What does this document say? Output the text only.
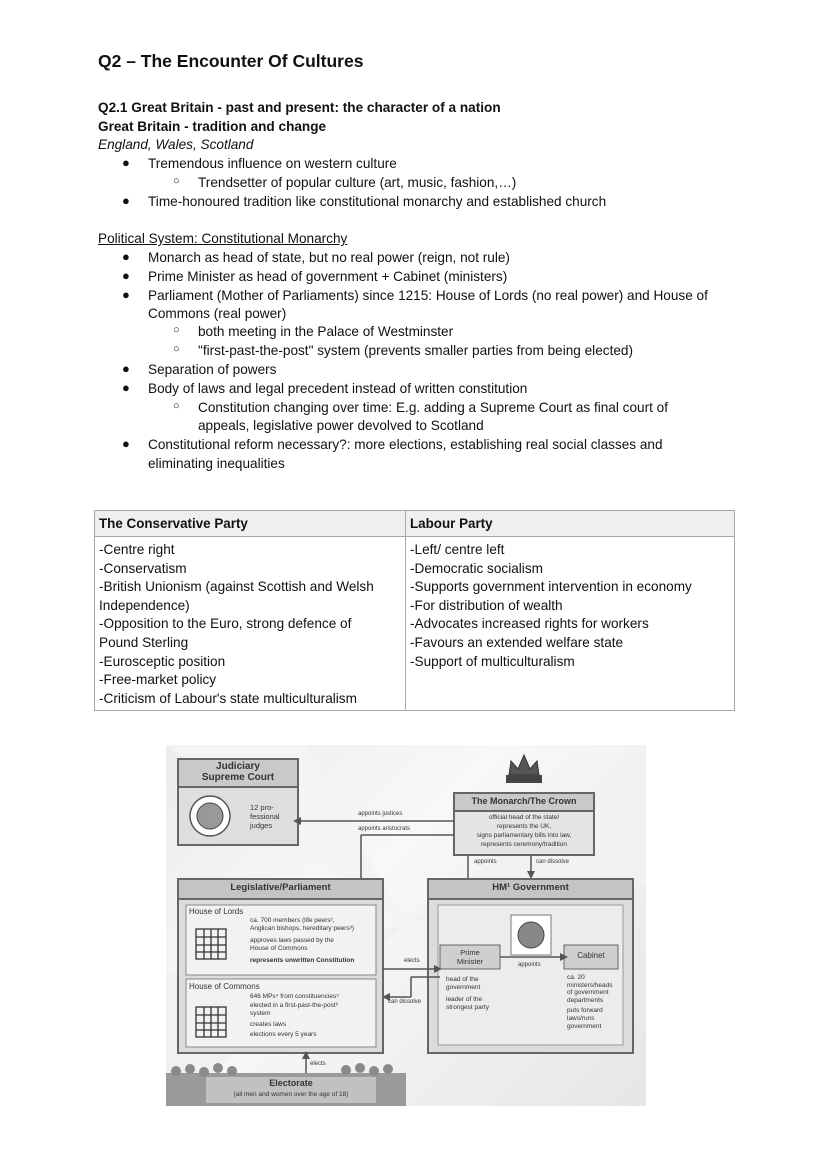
Q2 – The Encounter Of Cultures
Q2.1 Great Britain - past and present: the character of a nation
Great Britain - tradition and change
England, Wales, Scotland
● Tremendous influence on western culture
○ Trendsetter of popular culture (art, music, fashion,…)
● Time-honoured tradition like constitutional monarchy and established church
Political System: Constitutional Monarchy
● Monarch as head of state, but no real power (reign, not rule)
● Prime Minister as head of government + Cabinet (ministers)
● Parliament (Mother of Parliaments) since 1215: House of Lords (no real power) and House of
Commons (real power)
○ both meeting in the Palace of Westminster
○ "first-past-the-post" system (prevents smaller parties from being elected)
● Separation of powers
● Body of laws and legal precedent instead of written constitution
○ Constitution changing over time: E.g. adding a Supreme Court as final court of
appeals, legislative power devolved to Scotland
● Constitutional reform necessary?: more elections, establishing real social classes and
eliminating inequalities
The Conservative Party	Labour Party
-Centre right
-Conservatism
-British Unionism (against Scottish and Welsh
Independence)
-Opposition to the Euro, strong defence of
Pound Sterling
-Eurosceptic position
-Free-market policy
-Criticism of Labour's state multiculturalism
-Left/ centre left
-Democratic socialism
-Supports government intervention in economy
-For distribution of wealth
-Advocates increased rights for workers
-Favours an extended welfare state
-Support of multiculturalism
Judiciary
Supreme Court
12 pro-
fessional
judges
appoints justices
appoints aristocrats
The Monarch/The Crown
official head of the state/
represents the UK,
signs parliamentary bills into law,
represents ceremony/tradition
appoints	can dissolve
Legislative/Parliament
House of Lords
ca. 700 members (life peers²,
Anglican bishops, hereditary peers³)
approves laws passed by the
House of Commons
represents unwritten Constitution
House of Commons
646 MPs⁴ from constituencies⁵
elected in a first-past-the-post⁶
system
creates laws
elections every 5 years
elects
can dissolve
HM¹ Government
Prime
Minister
head of the
government
leader of the
strongest party
appoints
Cabinet
ca. 20
ministers/heads
of government
departments
puts forward
laws/runs
government
elects
Electorate
(all men and women over the age of 18)
